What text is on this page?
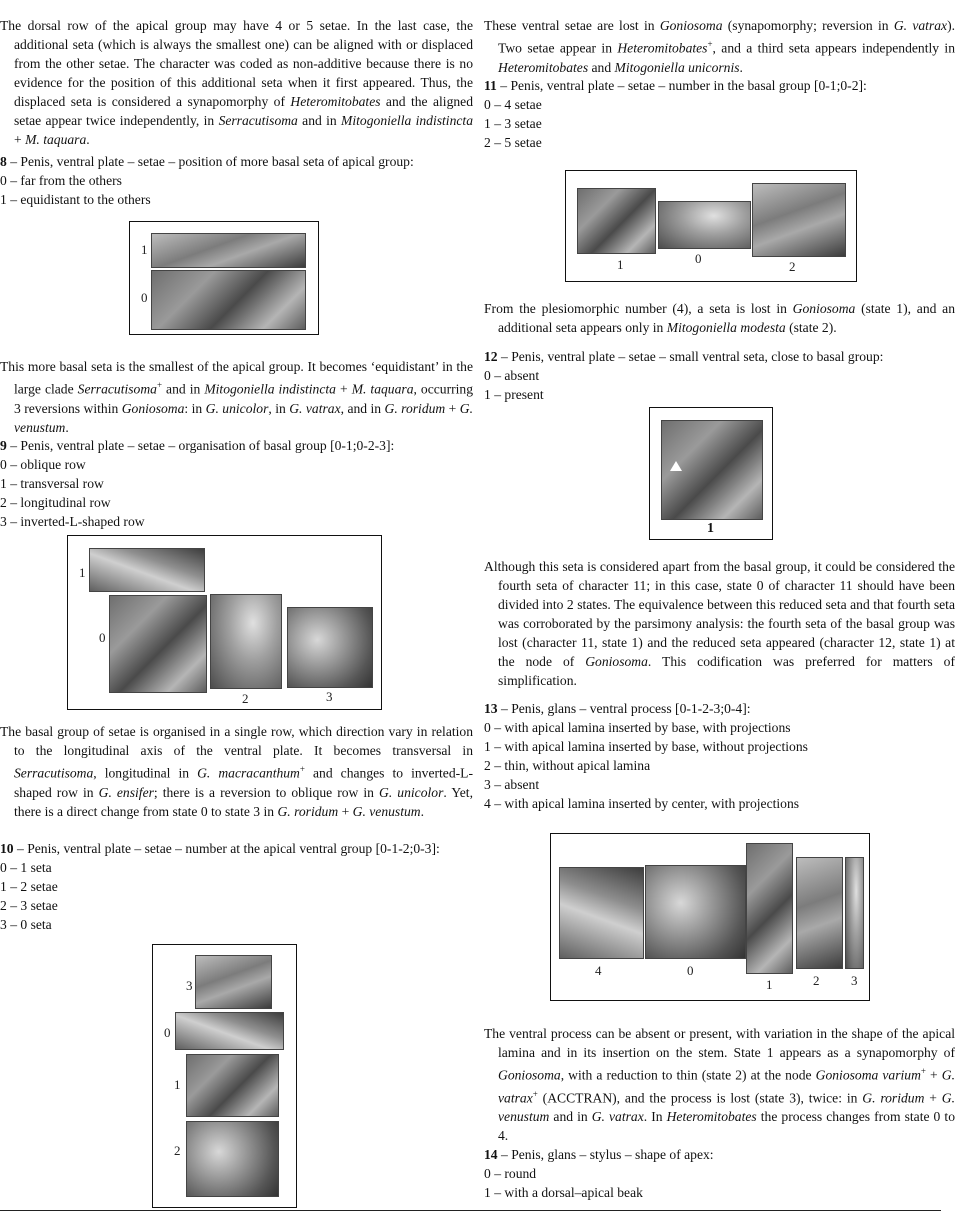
The dorsal row of the apical group may have 4 or 5 setae. In the last case, the additional seta (which is always the smallest one) can be aligned with or displaced from the other setae. The character was coded as non-additive because there is no evidence for the position of this additional seta when it first appeared. Thus, the displaced seta is considered a synapomorphy of Heteromitobates and the aligned setae appear twice independently, in Serracutisoma and in Mitogoniella indistincta + M. taquara.

8 – Penis, ventral plate – setae – position of more basal seta of apical group:

0 – far from the others

1 – equidistant to the others

1
0

This more basal seta is the smallest of the apical group. It becomes ‘equidistant’ in the large clade Serracutisoma+ and in Mitogoniella indistincta + M. taquara, occurring 3 reversions within Goniosoma: in G. unicolor, in G. vatrax, and in G. roridum + G. venustum.

9 – Penis, ventral plate – setae – organisation of basal group [0-1;0-2-3]:

0 – oblique row

1 – transversal row

2 – longitudinal row

3 – inverted-L-shaped row

1
0
2	3

The basal group of setae is organised in a single row, which direction vary in relation to the longitudinal axis of the ventral plate. It becomes transversal in Serracutisoma, longitudinal in G. macracanthum+ and changes to inverted-L-shaped row in G. ensifer; there is a reversion to oblique row in G. unicolor. Yet, there is a direct change from state 0 to state 3 in G. roridum + G. venustum.

10 – Penis, ventral plate – setae – number at the apical ventral group [0-1-2;0-3]:

0 – 1 seta

1 – 2 setae

2 – 3 setae

3 – 0 seta

3
0
1
2

These ventral setae are lost in Goniosoma (synapomorphy; reversion in G. vatrax). Two setae appear in Heteromitobates+, and a third seta appears independently in Heteromitobates and Mitogoniella unicornis.

11 – Penis, ventral plate – setae – number in the basal group [0-1;0-2]:

0 – 4 setae

1 – 3 setae

2 – 5 setae

1	0
2

From the plesiomorphic number (4), a seta is lost in Goniosoma (state 1), and an additional seta appears only in Mitogoniella modesta (state 2).

12 – Penis, ventral plate – setae – small ventral seta, close to basal group:

0 – absent

1 – present

1

Although this seta is considered apart from the basal group, it could be considered the fourth seta of character 11; in this case, state 0 of character 11 should have been divided into 2 states. The equivalence between this reduced seta and that fourth seta was corroborated by the parsimony analysis: the fourth seta of the basal group was lost (character 11, state 1) and the reduced seta appeared (character 12, state 1) at the node of Goniosoma. This codification was preferred for matters of simplification.

13 – Penis, glans – ventral process [0-1-2-3;0-4]:

0 – with apical lamina inserted by base, with projections

1 – with apical lamina inserted by base, without projections

2 – thin, without apical lamina

3 – absent

4 – with apical lamina inserted by center, with projections

4	0
1	2 3

The ventral process can be absent or present, with variation in the shape of the apical lamina and in its insertion on the stem. State 1 appears as a synapomorphy of Goniosoma, with a reduction to thin (state 2) at the node Goniosoma varium+ + G. vatrax+ (ACCTRAN), and the process is lost (state 3), twice: in G. roridum + G. venustum and in G. vatrax. In Heteromitobates the process changes from state 0 to 4.

14 – Penis, glans – stylus – shape of apex:

0 – round

1 – with a dorsal–apical beak
